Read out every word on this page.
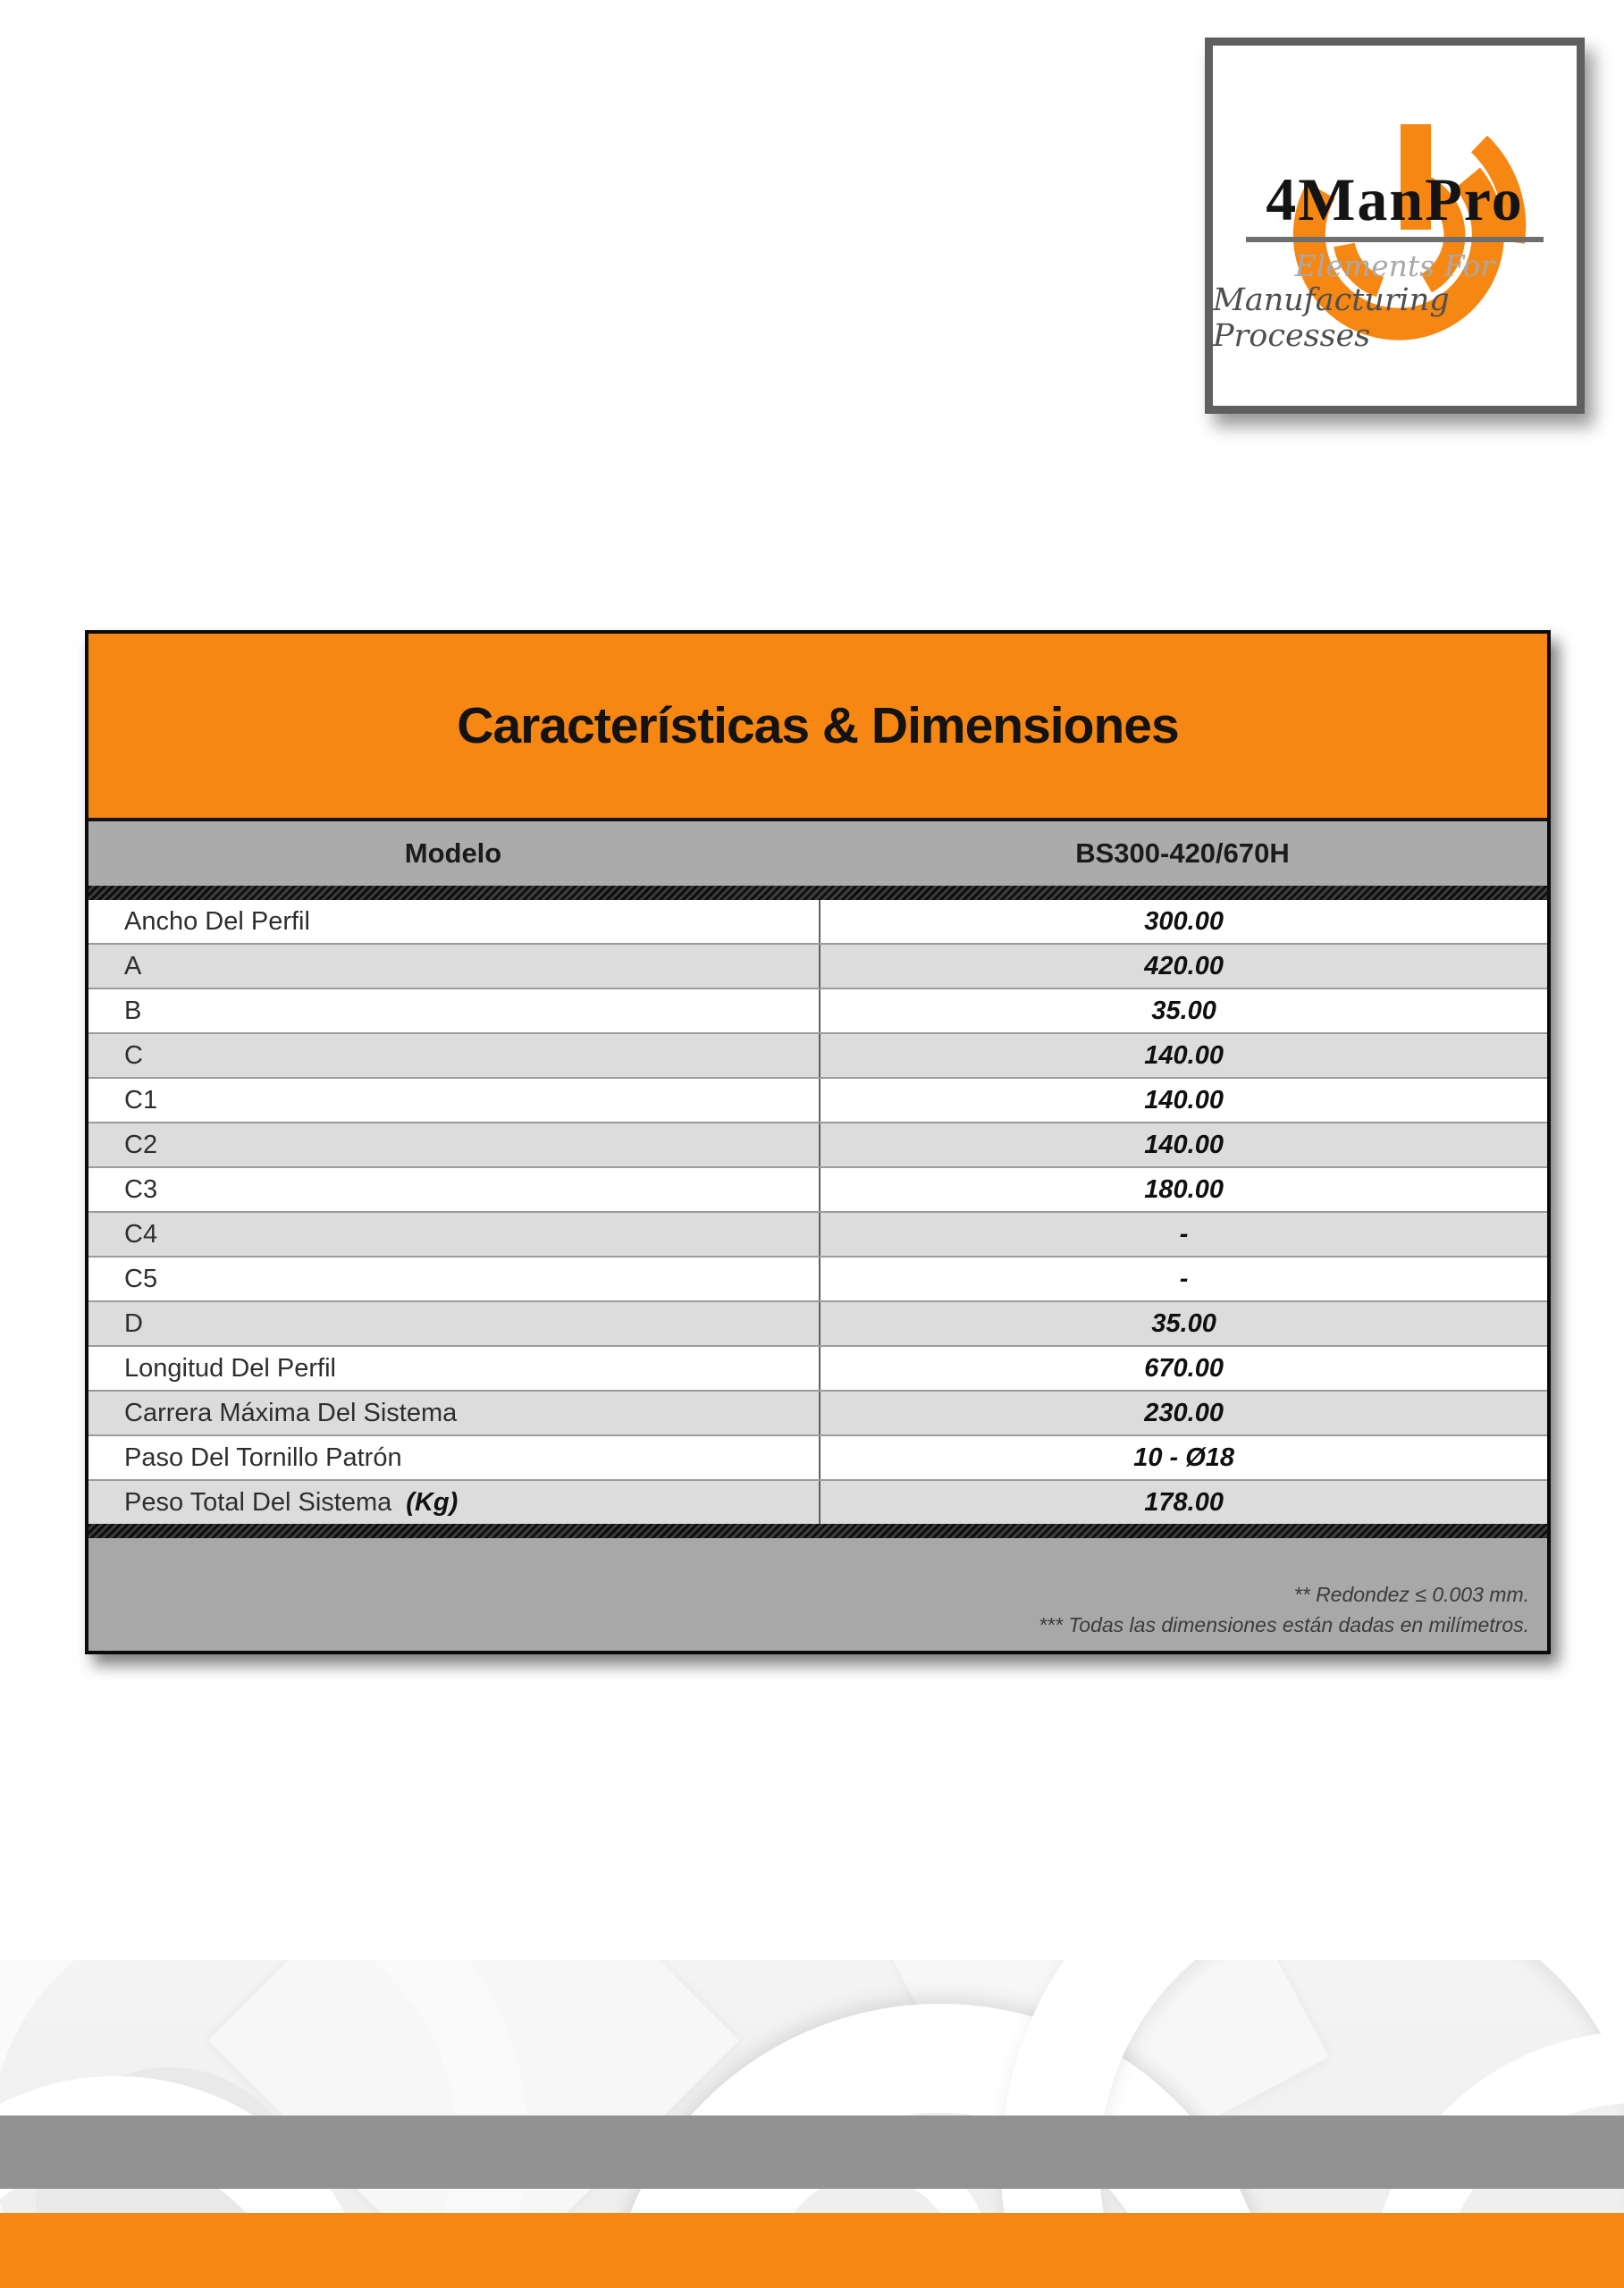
4ManPro
Elements For
Manufacturing Processes
Características & Dimensiones
Modelo	BS300-420/670H
Ancho Del Perfil	300.00
A	420.00
B	35.00
C	140.00
C1	140.00
C2	140.00
C3	180.00
C4	-
C5	-
D	35.00
Longitud Del Perfil	670.00
Carrera Máxima Del Sistema	230.00
Paso Del Tornillo Patrón	10 - Ø18
Peso Total Del Sistema (Kg)	178.00
** Redondez ≤ 0.003 mm.
*** Todas las dimensiones están dadas en milímetros.
